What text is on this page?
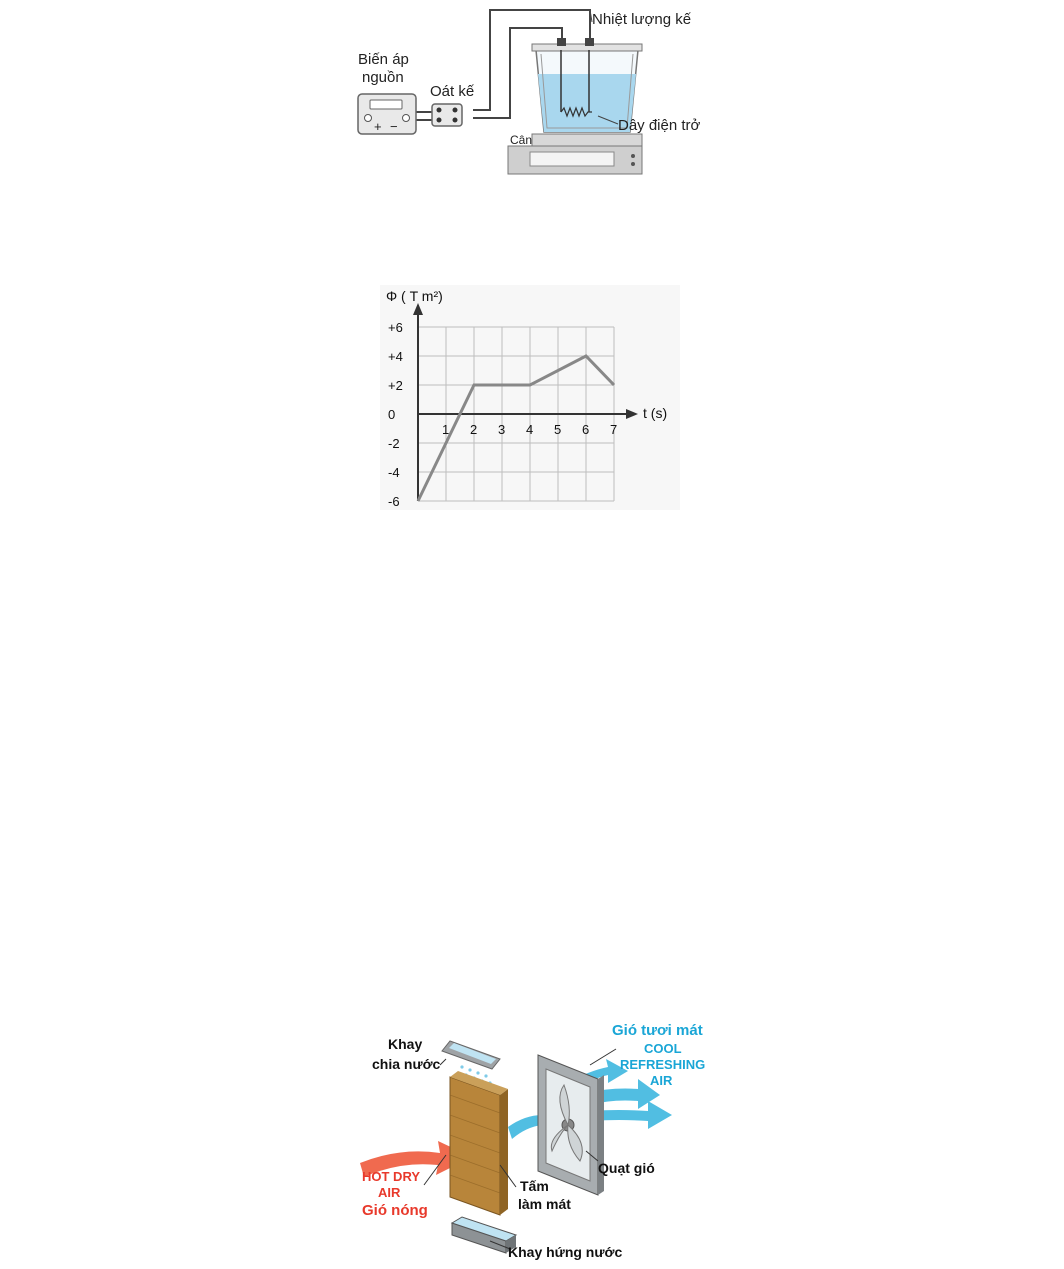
+ −
Biến áp
nguồn
Oát kế
Cân
Nhiệt lượng kế
Dây điện trở
1 2 3 4 5 6 7
+6
+4
+2
0
-2
-4
-6
Φ ( T m²)
t (s)
Khay
chia nước
Gió tươi mát
COOL
REFRESHING
AIR
Quạt gió
HOT DRY
AIR
Gió nóng
Tấm
làm mát
Khay hứng nước
